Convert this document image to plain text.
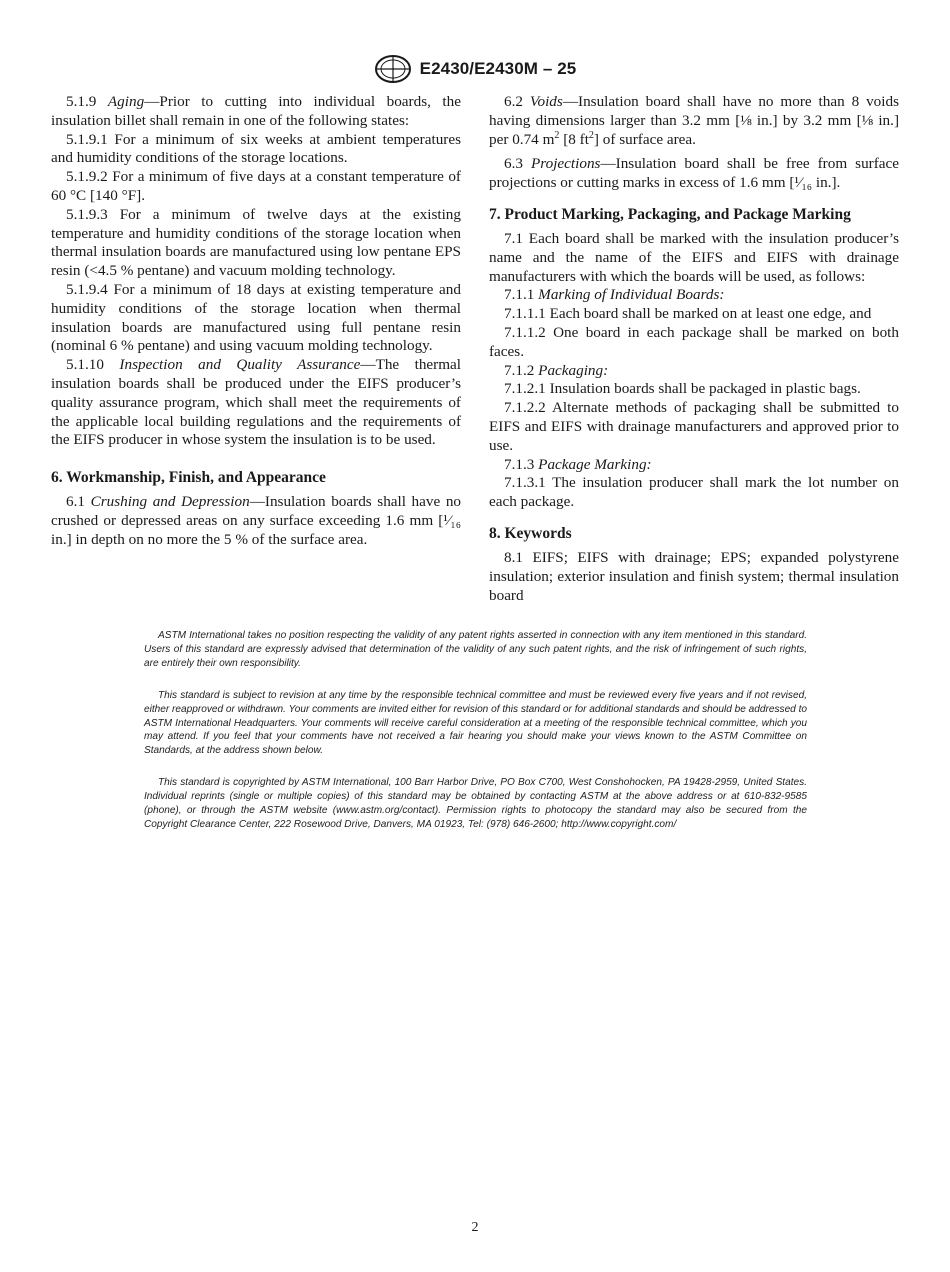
E2430/E2430M – 25

5.1.9 Aging—Prior to cutting into individual boards, the insulation billet shall remain in one of the following states:

5.1.9.1 For a minimum of six weeks at ambient temperatures and humidity conditions of the storage locations.

5.1.9.2 For a minimum of five days at a constant temperature of 60 °C [140 °F].

5.1.9.3 For a minimum of twelve days at the existing temperature and humidity conditions of the storage location when thermal insulation boards are manufactured using low pentane EPS resin (<4.5 % pentane) and vacuum molding technology.

5.1.9.4 For a minimum of 18 days at existing temperature and humidity conditions of the storage location when thermal insulation boards are manufactured using full pentane resin (nominal 6 % pentane) and using vacuum molding technology.

5.1.10 Inspection and Quality Assurance—The thermal insulation boards shall be produced under the EIFS producer’s quality assurance program, which shall meet the requirements of the applicable local building regulations and the requirements of the EIFS producer in whose system the insulation is to be used.

6. Workmanship, Finish, and Appearance

6.1 Crushing and Depression—Insulation boards shall have no crushed or depressed areas on any surface exceeding 1.6 mm [¹⁄₁₆ in.] in depth on no more the 5 % of the surface area.

6.2 Voids—Insulation board shall have no more than 8 voids having dimensions larger than 3.2 mm [⅛ in.] by 3.2 mm [⅛ in.] per 0.74 $m^2$ [8 $ft^2$] of surface area.

6.3 Projections—Insulation board shall be free from surface projections or cutting marks in excess of 1.6 mm [¹⁄₁₆ in.].

7. Product Marking, Packaging, and Package Marking

7.1 Each board shall be marked with the insulation producer’s name and the name of the EIFS and EIFS with drainage manufacturers with which the boards will be used, as follows:

7.1.1 Marking of Individual Boards:

7.1.1.1 Each board shall be marked on at least one edge, and

7.1.1.2 One board in each package shall be marked on both faces.

7.1.2 Packaging:

7.1.2.1 Insulation boards shall be packaged in plastic bags.

7.1.2.2 Alternate methods of packaging shall be submitted to EIFS and EIFS with drainage manufacturers and approved prior to use.

7.1.3 Package Marking:

7.1.3.1 The insulation producer shall mark the lot number on each package.

8. Keywords

8.1 EIFS; EIFS with drainage; EPS; expanded polystyrene insulation; exterior insulation and finish system; thermal insulation board

ASTM International takes no position respecting the validity of any patent rights asserted in connection with any item mentioned in this standard. Users of this standard are expressly advised that determination of the validity of any such patent rights, and the risk of infringement of such rights, are entirely their own responsibility.

This standard is subject to revision at any time by the responsible technical committee and must be reviewed every five years and if not revised, either reapproved or withdrawn. Your comments are invited either for revision of this standard or for additional standards and should be addressed to ASTM International Headquarters. Your comments will receive careful consideration at a meeting of the responsible technical committee, which you may attend. If you feel that your comments have not received a fair hearing you should make your views known to the ASTM Committee on Standards, at the address shown below.

This standard is copyrighted by ASTM International, 100 Barr Harbor Drive, PO Box C700, West Conshohocken, PA 19428-2959, United States. Individual reprints (single or multiple copies) of this standard may be obtained by contacting ASTM at the above address or at 610-832-9585 (phone), or through the ASTM website (www.astm.org/contact). Permission rights to photocopy the standard may also be secured from the Copyright Clearance Center, 222 Rosewood Drive, Danvers, MA 01923, Tel: (978) 646-2600; http://www.copyright.com/

2
